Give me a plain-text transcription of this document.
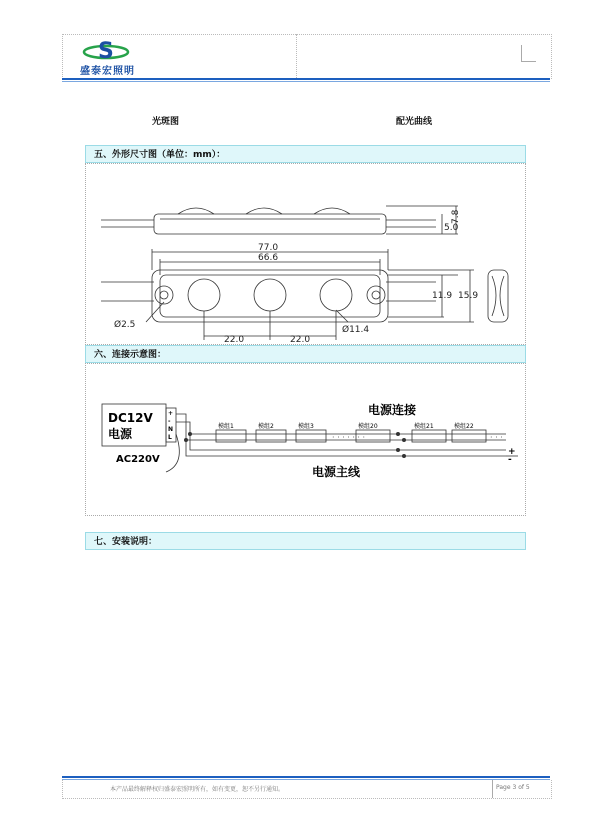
S
盛泰宏照明
光斑图	配光曲线
五、外形尺寸图（单位：mm）：
5.0
7.8
77.0
66.6
11.9 15.9
Ø2.5	Ø11.4
22.0	22.0
六、连接示意图：
· · · · · · ·	· · ·
DC12V
电源
AC220V
+
-
N
L
电源连接
电源主线
模组1	模组2	模组3	模组20	模组21	模组22
+
-
七、安装说明：
本产品最终解释权归盛泰宏照明所有，如有变更，恕不另行通知。	Page 3 of 5
